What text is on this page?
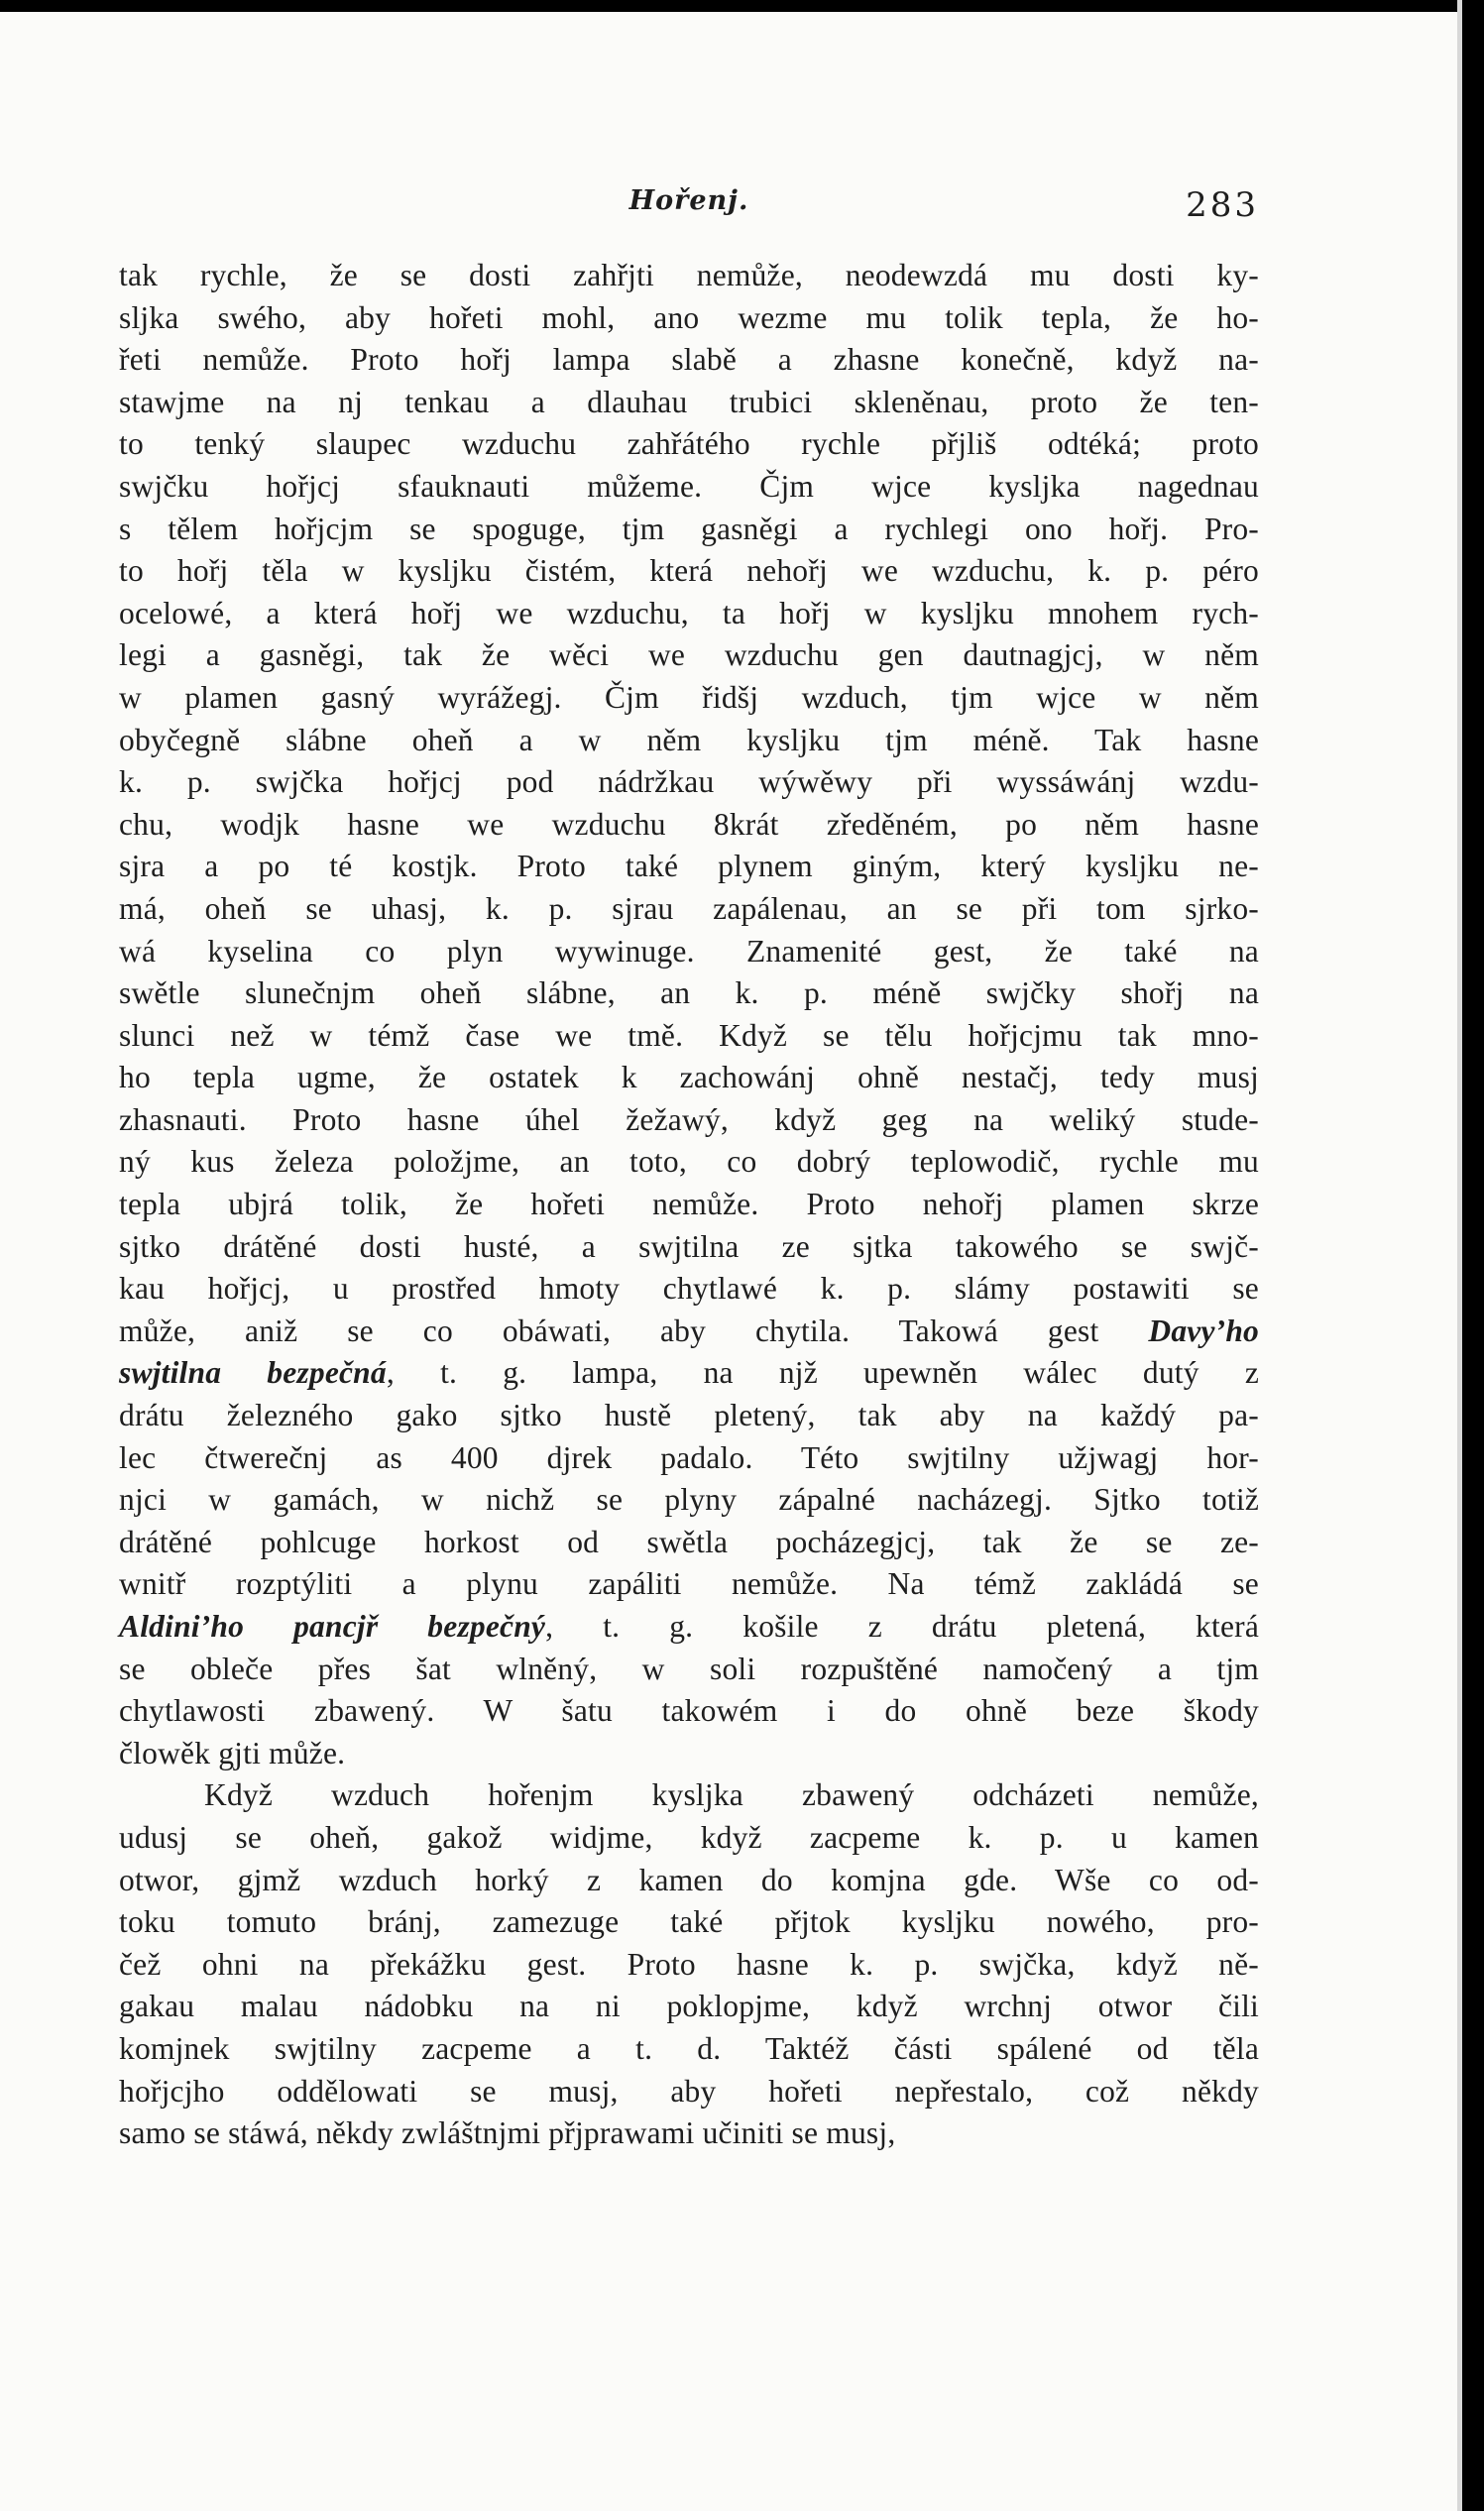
Hořenj.	283
tak rychle, že se dosti zahřjti nemůže, neodewzdá mu dosti ky-
sljka swého, aby hořeti mohl, ano wezme mu tolik tepla, že ho-
řeti nemůže. Proto hořj lampa slabě a zhasne konečně, když na-
stawjme na nj tenkau a dlauhau trubici skleněnau, proto že ten-
to tenký slaupec wzduchu zahřátého rychle přjliš odtéká; proto
swjčku hořjcj sfauknauti můžeme. Čjm wjce kysljka nagednau
s tělem hořjcjm se spoguge, tjm gasněgi a rychlegi ono hořj. Pro-
to hořj těla w kysljku čistém, která nehořj we wzduchu, k. p. péro
ocelowé, a která hořj we wzduchu, ta hořj w kysljku mnohem rych-
legi a gasněgi, tak že wěci we wzduchu gen dautnagjcj, w něm
w plamen gasný wyrážegj. Čjm řidšj wzduch, tjm wjce w něm
obyčegně slábne oheň a w něm kysljku tjm méně. Tak hasne
k. p. swjčka hořjcj pod nádržkau wýwěwy při wyssáwánj wzdu-
chu, wodjk hasne we wzduchu 8krát zředěném, po něm hasne
sjra a po té kostjk. Proto také plynem giným, který kysljku ne-
má, oheň se uhasj, k. p. sjrau zapálenau, an se při tom sjrko-
wá kyselina co plyn wywinuge. Znamenité gest, že také na
swětle slunečnjm oheň slábne, an k. p. méně swjčky shořj na
slunci než w témž čase we tmě. Když se tělu hořjcjmu tak mno-
ho tepla ugme, že ostatek k zachowánj ohně nestačj, tedy musj
zhasnauti. Proto hasne úhel žežawý, když geg na weliký stude-
ný kus železa položjme, an toto, co dobrý teplowodič, rychle mu
tepla ubjrá tolik, že hořeti nemůže. Proto nehořj plamen skrze
sjtko drátěné dosti husté, a swjtilna ze sjtka takowého se swjč-
kau hořjcj, u prostřed hmoty chytlawé k. p. slámy postawiti se
může, aniž se co obáwati, aby chytila. Takowá gest Davy’ho
swjtilna bezpečná, t. g. lampa, na njž upewněn wálec dutý z
drátu železného gako sjtko hustě pletený, tak aby na každý pa-
lec čtwerečnj as 400 djrek padalo. Této swjtilny užjwagj hor-
njci w gamách, w nichž se plyny zápalné nacházegj. Sjtko totiž
drátěné pohlcuge horkost od swětla pocházegjcj, tak že se ze-
wnitř rozptýliti a plynu zapáliti nemůže. Na témž zakládá se
Aldini’ho pancjř bezpečný, t. g. košile z drátu pletená, která
se obleče přes šat wlněný, w soli rozpuštěné namočený a tjm
chytlawosti zbawený. W šatu takowém i do ohně beze škody
člowěk gjti může.
Když wzduch hořenjm kysljka zbawený odcházeti nemůže,
udusj se oheň, gakož widjme, když zacpeme k. p. u kamen
otwor, gjmž wzduch horký z kamen do komjna gde. Wše co od-
toku tomuto bránj, zamezuge také přjtok kysljku nowého, pro-
čež ohni na překážku gest. Proto hasne k. p. swjčka, když ně-
gakau malau nádobku na ni poklopjme, když wrchnj otwor čili
komjnek swjtilny zacpeme a t. d. Taktéž části spálené od těla
hořjcjho oddělowati se musj, aby hořeti nepřestalo, což někdy
samo se stáwá, někdy zwláštnjmi přjprawami učiniti se musj,
